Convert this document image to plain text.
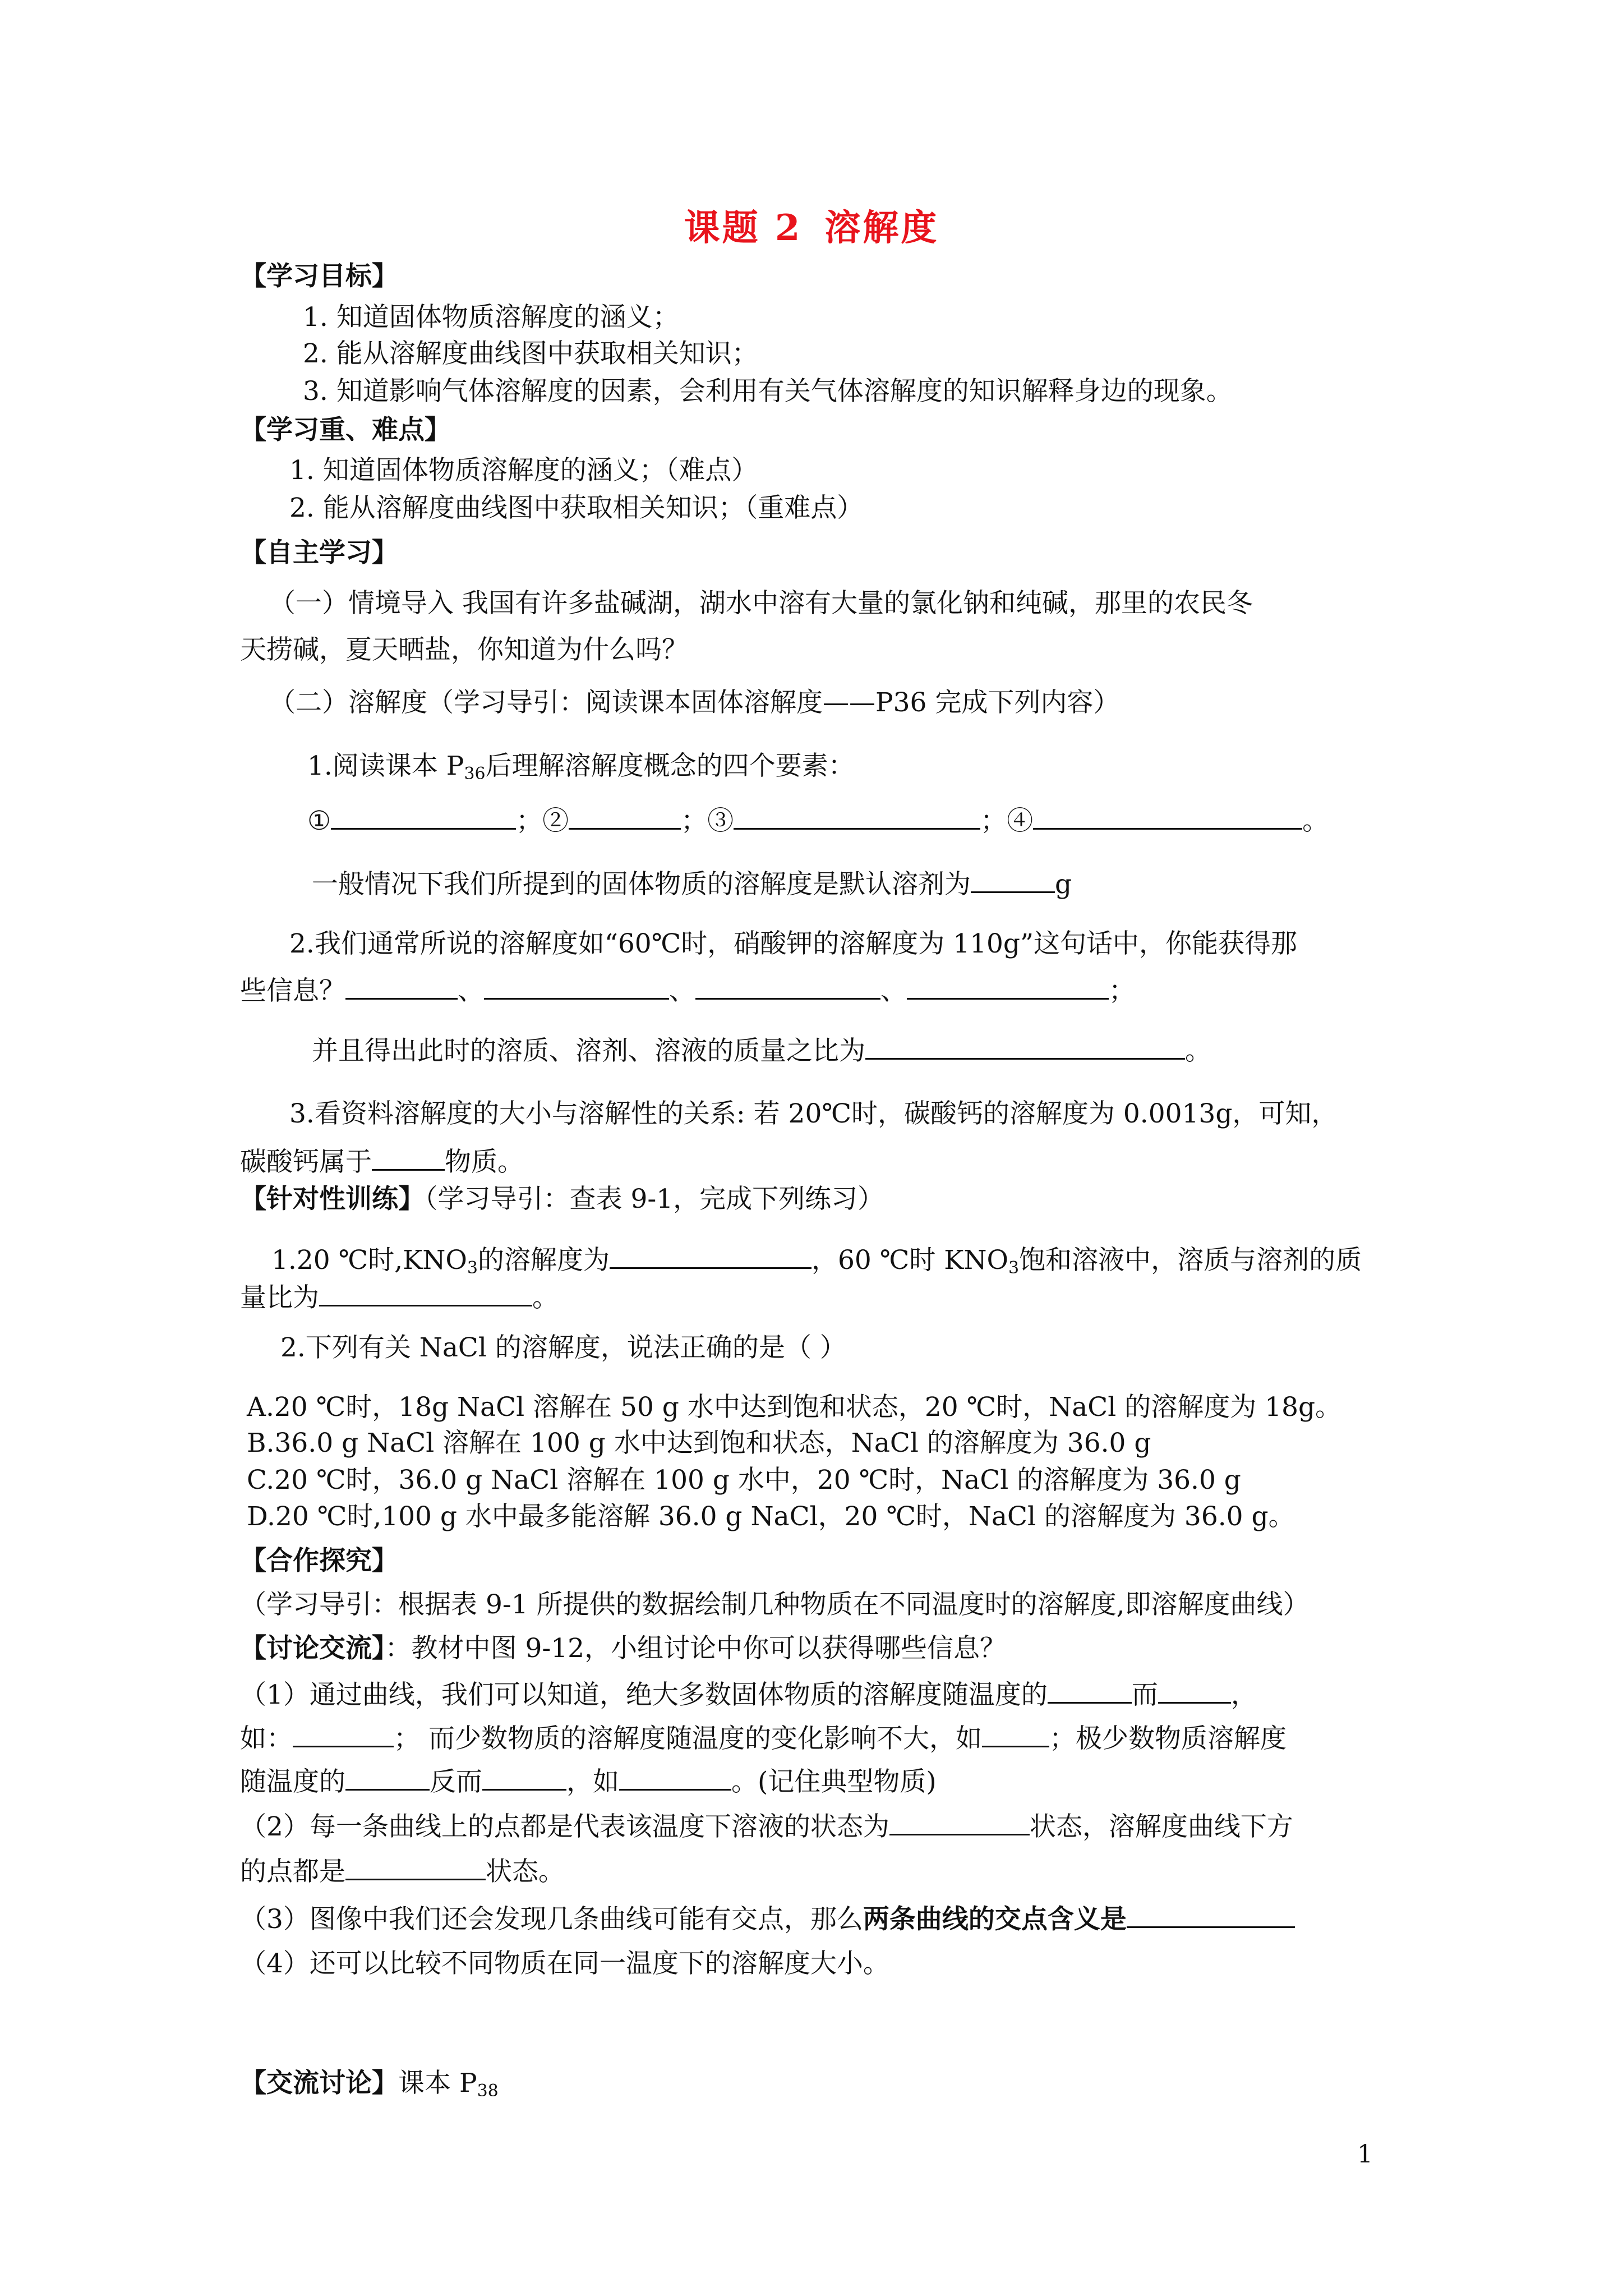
课题 2 溶解度
【学习目标】
1. 知道固体物质溶解度的涵义；
2. 能从溶解度曲线图中获取相关知识；
3. 知道影响气体溶解度的因素，会利用有关气体溶解度的知识解释身边的现象。
【学习重、难点】
1. 知道固体物质溶解度的涵义；（难点）
2. 能从溶解度曲线图中获取相关知识；（重难点）
【自主学习】
（一）情境导入 我国有许多盐碱湖，湖水中溶有大量的氯化钠和纯碱，那里的农民冬
天捞碱，夏天晒盐，你知道为什么吗？
（二）溶解度（学习导引：阅读课本固体溶解度——P36 完成下列内容）
1.阅读课本 $P_{36}$后理解溶解度概念的四个要素：
①	；②	；③	；④	。
一般情况下我们所提到的固体物质的溶解度是默认溶剂为	g
2.我们通常所说的溶解度如“60℃时，硝酸钾的溶解度为 110g”这句话中，你能获得那
些信息？	、	、	、	；
并且得出此时的溶质、溶剂、溶液的质量之比为	。
3.看资料溶解度的大小与溶解性的关系: 若 20℃时，碳酸钙的溶解度为 0.0013g，可知，
碳酸钙属于	物质。
【针对性训练】（学习导引：查表 9-1，完成下列练习）
1.20 ℃时$,KNO_3$的溶解度为	，60 ℃时 $KNO_3$饱和溶液中，溶质与溶剂的质
量比为	。
2.下列有关 NaCl 的溶解度，说法正确的是（ ）
A.20 ℃时，18g NaCl 溶解在 50 g 水中达到饱和状态，20 ℃时，NaCl 的溶解度为 18g。
B.36.0 g NaCl 溶解在 100 g 水中达到饱和状态，NaCl 的溶解度为 36.0 g
C.20 ℃时，36.0 g NaCl 溶解在 100 g 水中，20 ℃时，NaCl 的溶解度为 36.0 g
D.20 ℃时,100 g 水中最多能溶解 36.0 g NaCl，20 ℃时，NaCl 的溶解度为 36.0 g。
【合作探究】
（学习导引：根据表 9-1 所提供的数据绘制几种物质在不同温度时的溶解度,即溶解度曲线）
【讨论交流】：教材中图 9-12，小组讨论中你可以获得哪些信息？
（1）通过曲线，我们可以知道，绝大多数固体物质的溶解度随温度的	而	，
如：	； 而少数物质的溶解度随温度的变化影响不大，如	；极少数物质溶解度
随温度的	反而	，如	。(记住典型物质)
（2）每一条曲线上的点都是代表该温度下溶液的状态为	状态，溶解度曲线下方
的点都是	状态。
（3）图像中我们还会发现几条曲线可能有交点，那么两条曲线的交点含义是
（4）还可以比较不同物质在同一温度下的溶解度大小。
【交流讨论】课本 $P_{38}$
1
